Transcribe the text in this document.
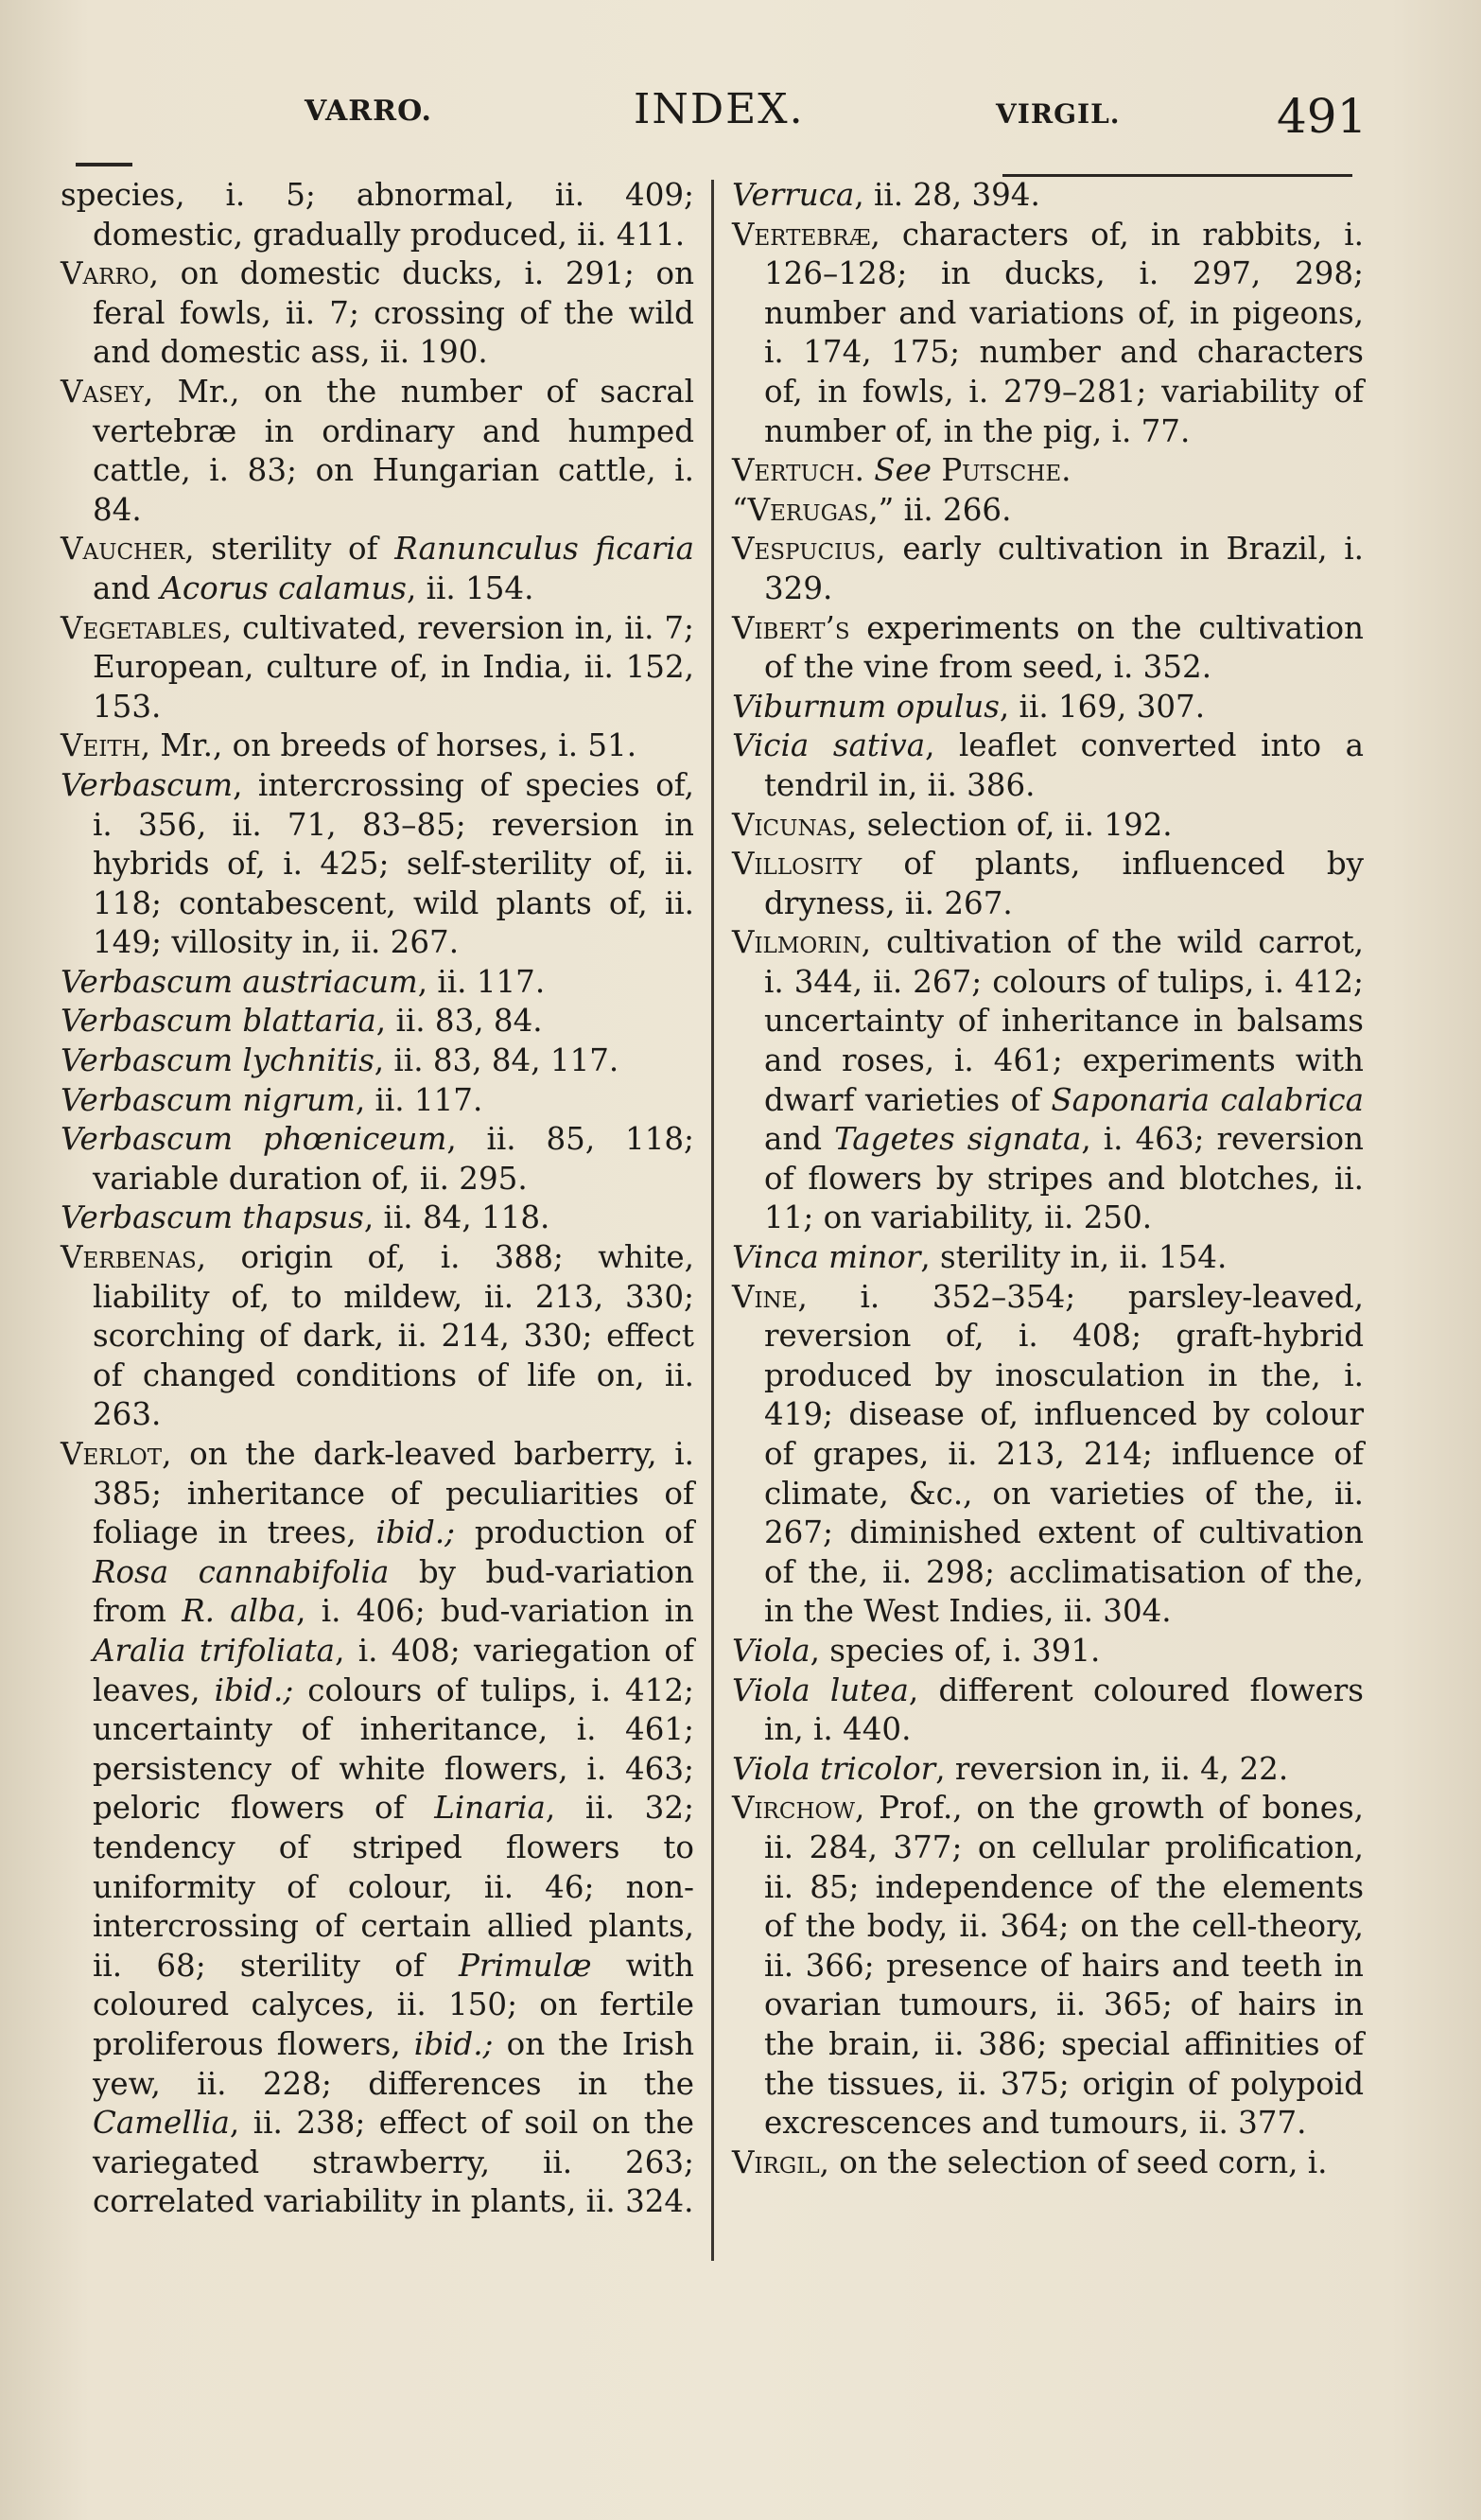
VARRO.	INDEX.	VIRGIL.	491

species, i. 5; abnormal, ii. 409; domestic, gradually produced, ii. 411.

Varro, on domestic ducks, i. 291; on feral fowls, ii. 7; crossing of the wild and domestic ass, ii. 190.

Vasey, Mr., on the number of sacral vertebræ in ordinary and humped cattle, i. 83; on Hungarian cattle, i. 84.

Vaucher, sterility of Ranunculus ficaria and Acorus calamus, ii. 154.

Vegetables, cultivated, reversion in, ii. 7; European, culture of, in India, ii. 152, 153.

Veith, Mr., on breeds of horses, i. 51.

Verbascum, intercrossing of species of, i. 356, ii. 71, 83–85; reversion in hybrids of, i. 425; self-sterility of, ii. 118; contabescent, wild plants of, ii. 149; villosity in, ii. 267.

Verbascum austriacum, ii. 117.

Verbascum blattaria, ii. 83, 84.

Verbascum lychnitis, ii. 83, 84, 117.

Verbascum nigrum, ii. 117.

Verbascum phœniceum, ii. 85, 118; variable duration of, ii. 295.

Verbascum thapsus, ii. 84, 118.

Verbenas, origin of, i. 388; white, liability of, to mildew, ii. 213, 330; scorching of dark, ii. 214, 330; effect of changed conditions of life on, ii. 263.

Verlot, on the dark-leaved barberry, i. 385; inheritance of peculiarities of foliage in trees, ibid.; production of Rosa cannabifolia by bud-variation from R. alba, i. 406; bud-variation in Aralia trifoliata, i. 408; variegation of leaves, ibid.; colours of tulips, i. 412; uncertainty of inheritance, i. 461; persistency of white flowers, i. 463; peloric flowers of Linaria, ii. 32; tendency of striped flowers to uniformity of colour, ii. 46; non-intercrossing of certain allied plants, ii. 68; sterility of Primulæ with coloured calyces, ii. 150; on fertile proliferous flowers, ibid.; on the Irish yew, ii. 228; differences in the Camellia, ii. 238; effect of soil on the variegated strawberry, ii. 263; correlated variability in plants, ii. 324.

Verruca, ii. 28, 394.

Vertebræ, characters of, in rabbits, i. 126–128; in ducks, i. 297, 298; number and variations of, in pigeons, i. 174, 175; number and characters of, in fowls, i. 279–281; variability of number of, in the pig, i. 77.

Vertuch. See Putsche.

“Verugas,” ii. 266.

Vespucius, early cultivation in Brazil, i. 329.

Vibert’s experiments on the cultivation of the vine from seed, i. 352.

Viburnum opulus, ii. 169, 307.

Vicia sativa, leaflet converted into a tendril in, ii. 386.

Vicunas, selection of, ii. 192.

Villosity of plants, influenced by dryness, ii. 267.

Vilmorin, cultivation of the wild carrot, i. 344, ii. 267; colours of tulips, i. 412; uncertainty of inheritance in balsams and roses, i. 461; experiments with dwarf varieties of Saponaria calabrica and Tagetes signata, i. 463; reversion of flowers by stripes and blotches, ii. 11; on variability, ii. 250.

Vinca minor, sterility in, ii. 154.

Vine, i. 352–354; parsley-leaved, reversion of, i. 408; graft-hybrid produced by inosculation in the, i. 419; disease of, influenced by colour of grapes, ii. 213, 214; influence of climate, &c., on varieties of the, ii. 267; diminished extent of cultivation of the, ii. 298; acclimatisation of the, in the West Indies, ii. 304.

Viola, species of, i. 391.

Viola lutea, different coloured flowers in, i. 440.

Viola tricolor, reversion in, ii. 4, 22.

Virchow, Prof., on the growth of bones, ii. 284, 377; on cellular prolification, ii. 85; independence of the elements of the body, ii. 364; on the cell-theory, ii. 366; presence of hairs and teeth in ovarian tumours, ii. 365; of hairs in the brain, ii. 386; special affinities of the tissues, ii. 375; origin of polypoid excrescences and tumours, ii. 377.

Virgil, on the selection of seed corn, i.
